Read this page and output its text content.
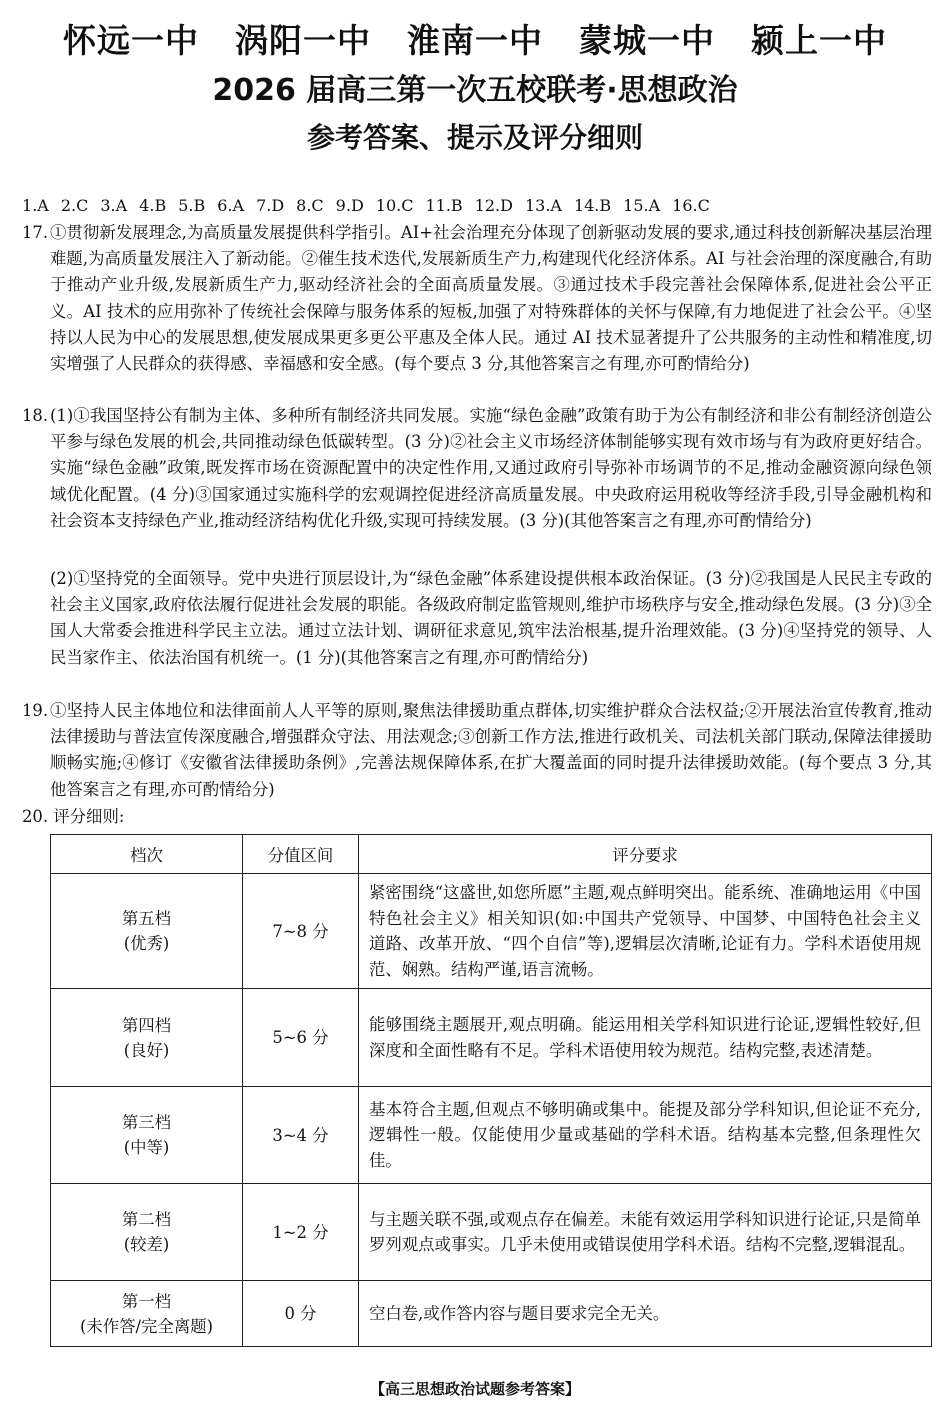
怀远一中 涡阳一中 淮南一中 蒙城一中 颍上一中
2026 届高三第一次五校联考·思想政治
参考答案、提示及评分细则
1.A 2.C 3.A 4.B 5.B 6.A 7.D 8.C 9.D 10.C 11.B 12.D 13.A 14.B 15.A 16.C
17. ①贯彻新发展理念,为高质量发展提供科学指引。AI+社会治理充分体现了创新驱动发展的要求,通过科技创新解决基层治理难题,为高质量发展注入了新动能。②催生技术迭代,发展新质生产力,构建现代化经济体系。AI 与社会治理的深度融合,有助于推动产业升级,发展新质生产力,驱动经济社会的全面高质量发展。③通过技术手段完善社会保障体系,促进社会公平正义。AI 技术的应用弥补了传统社会保障与服务体系的短板,加强了对特殊群体的关怀与保障,有力地促进了社会公平。④坚持以人民为中心的发展思想,使发展成果更多更公平惠及全体人民。通过 AI 技术显著提升了公共服务的主动性和精准度,切实增强了人民群众的获得感、幸福感和安全感。(每个要点 3 分,其他答案言之有理,亦可酌情给分)
18. (1)①我国坚持公有制为主体、多种所有制经济共同发展。实施“绿色金融”政策有助于为公有制经济和非公有制经济创造公平参与绿色发展的机会,共同推动绿色低碳转型。(3 分)②社会主义市场经济体制能够实现有效市场与有为政府更好结合。实施“绿色金融”政策,既发挥市场在资源配置中的决定性作用,又通过政府引导弥补市场调节的不足,推动金融资源向绿色领域优化配置。(4 分)③国家通过实施科学的宏观调控促进经济高质量发展。中央政府运用税收等经济手段,引导金融机构和社会资本支持绿色产业,推动经济结构优化升级,实现可持续发展。(3 分)(其他答案言之有理,亦可酌情给分)
(2)①坚持党的全面领导。党中央进行顶层设计,为“绿色金融”体系建设提供根本政治保证。(3 分)②我国是人民民主专政的社会主义国家,政府依法履行促进社会发展的职能。各级政府制定监管规则,维护市场秩序与安全,推动绿色发展。(3 分)③全国人大常委会推进科学民主立法。通过立法计划、调研征求意见,筑牢法治根基,提升治理效能。(3 分)④坚持党的领导、人民当家作主、依法治国有机统一。(1 分)(其他答案言之有理,亦可酌情给分)
19. ①坚持人民主体地位和法律面前人人平等的原则,聚焦法律援助重点群体,切实维护群众合法权益;②开展法治宣传教育,推动法律援助与普法宣传深度融合,增强群众守法、用法观念;③创新工作方法,推进行政机关、司法机关部门联动,保障法律援助顺畅实施;④修订《安徽省法律援助条例》,完善法规保障体系,在扩大覆盖面的同时提升法律援助效能。(每个要点 3 分,其他答案言之有理,亦可酌情给分)
20. 评分细则:
档次	分值区间	评分要求

第五档
(优秀)	7~8 分	紧密围绕“这盛世,如您所愿”主题,观点鲜明突出。能系统、准确地运用《中国特色社会主义》相关知识(如:中国共产党领导、中国梦、中国特色社会主义道路、改革开放、“四个自信”等),逻辑层次清晰,论证有力。学科术语使用规范、娴熟。结构严谨,语言流畅。

第四档
(良好)	5~6 分	能够围绕主题展开,观点明确。能运用相关学科知识进行论证,逻辑性较好,但深度和全面性略有不足。学科术语使用较为规范。结构完整,表述清楚。

第三档
(中等)	3~4 分	基本符合主题,但观点不够明确或集中。能提及部分学科知识,但论证不充分,逻辑性一般。仅能使用少量或基础的学科术语。结构基本完整,但条理性欠佳。

第二档
(较差)	1~2 分	与主题关联不强,或观点存在偏差。未能有效运用学科知识进行论证,只是简单罗列观点或事实。几乎未使用或错误使用学科术语。结构不完整,逻辑混乱。

第一档
(未作答/完全离题)	0 分	空白卷,或作答内容与题目要求完全无关。
【高三思想政治试题参考答案】
